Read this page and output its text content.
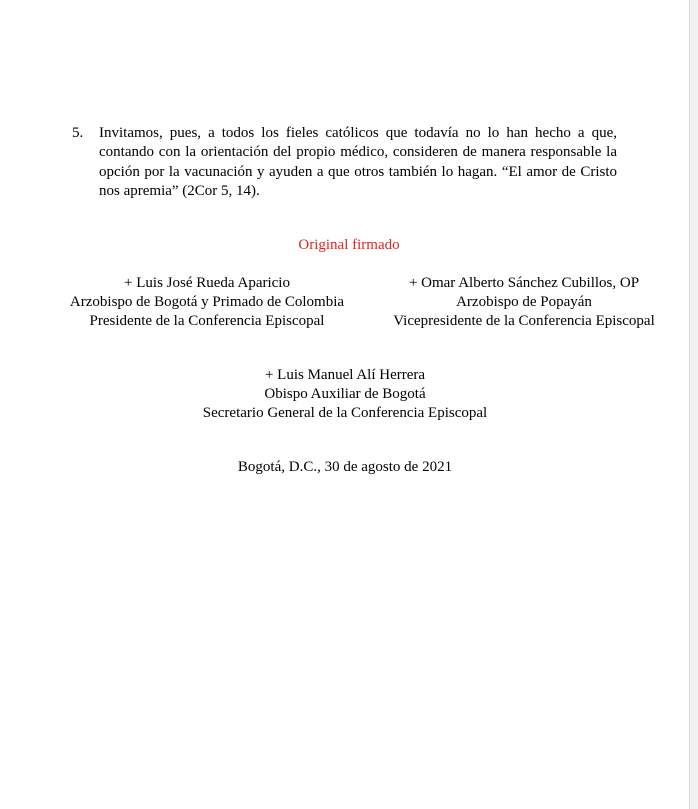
5. Invitamos, pues, a todos los fieles católicos que todavía no lo han hecho a que, contando con la orientación del propio médico, consideren de manera responsable la opción por la vacunación y ayuden a que otros también lo hagan. “El amor de Cristo nos apremia” (2Cor 5, 14).

Original firmado
+ Luis José Rueda Aparicio
Arzobispo de Bogotá y Primado de Colombia
Presidente de la Conferencia Episcopal
+ Omar Alberto Sánchez Cubillos, OP
Arzobispo de Popayán
Vicepresidente de la Conferencia Episcopal
+ Luis Manuel Alí Herrera
Obispo Auxiliar de Bogotá
Secretario General de la Conferencia Episcopal
Bogotá, D.C., 30 de agosto de 2021
